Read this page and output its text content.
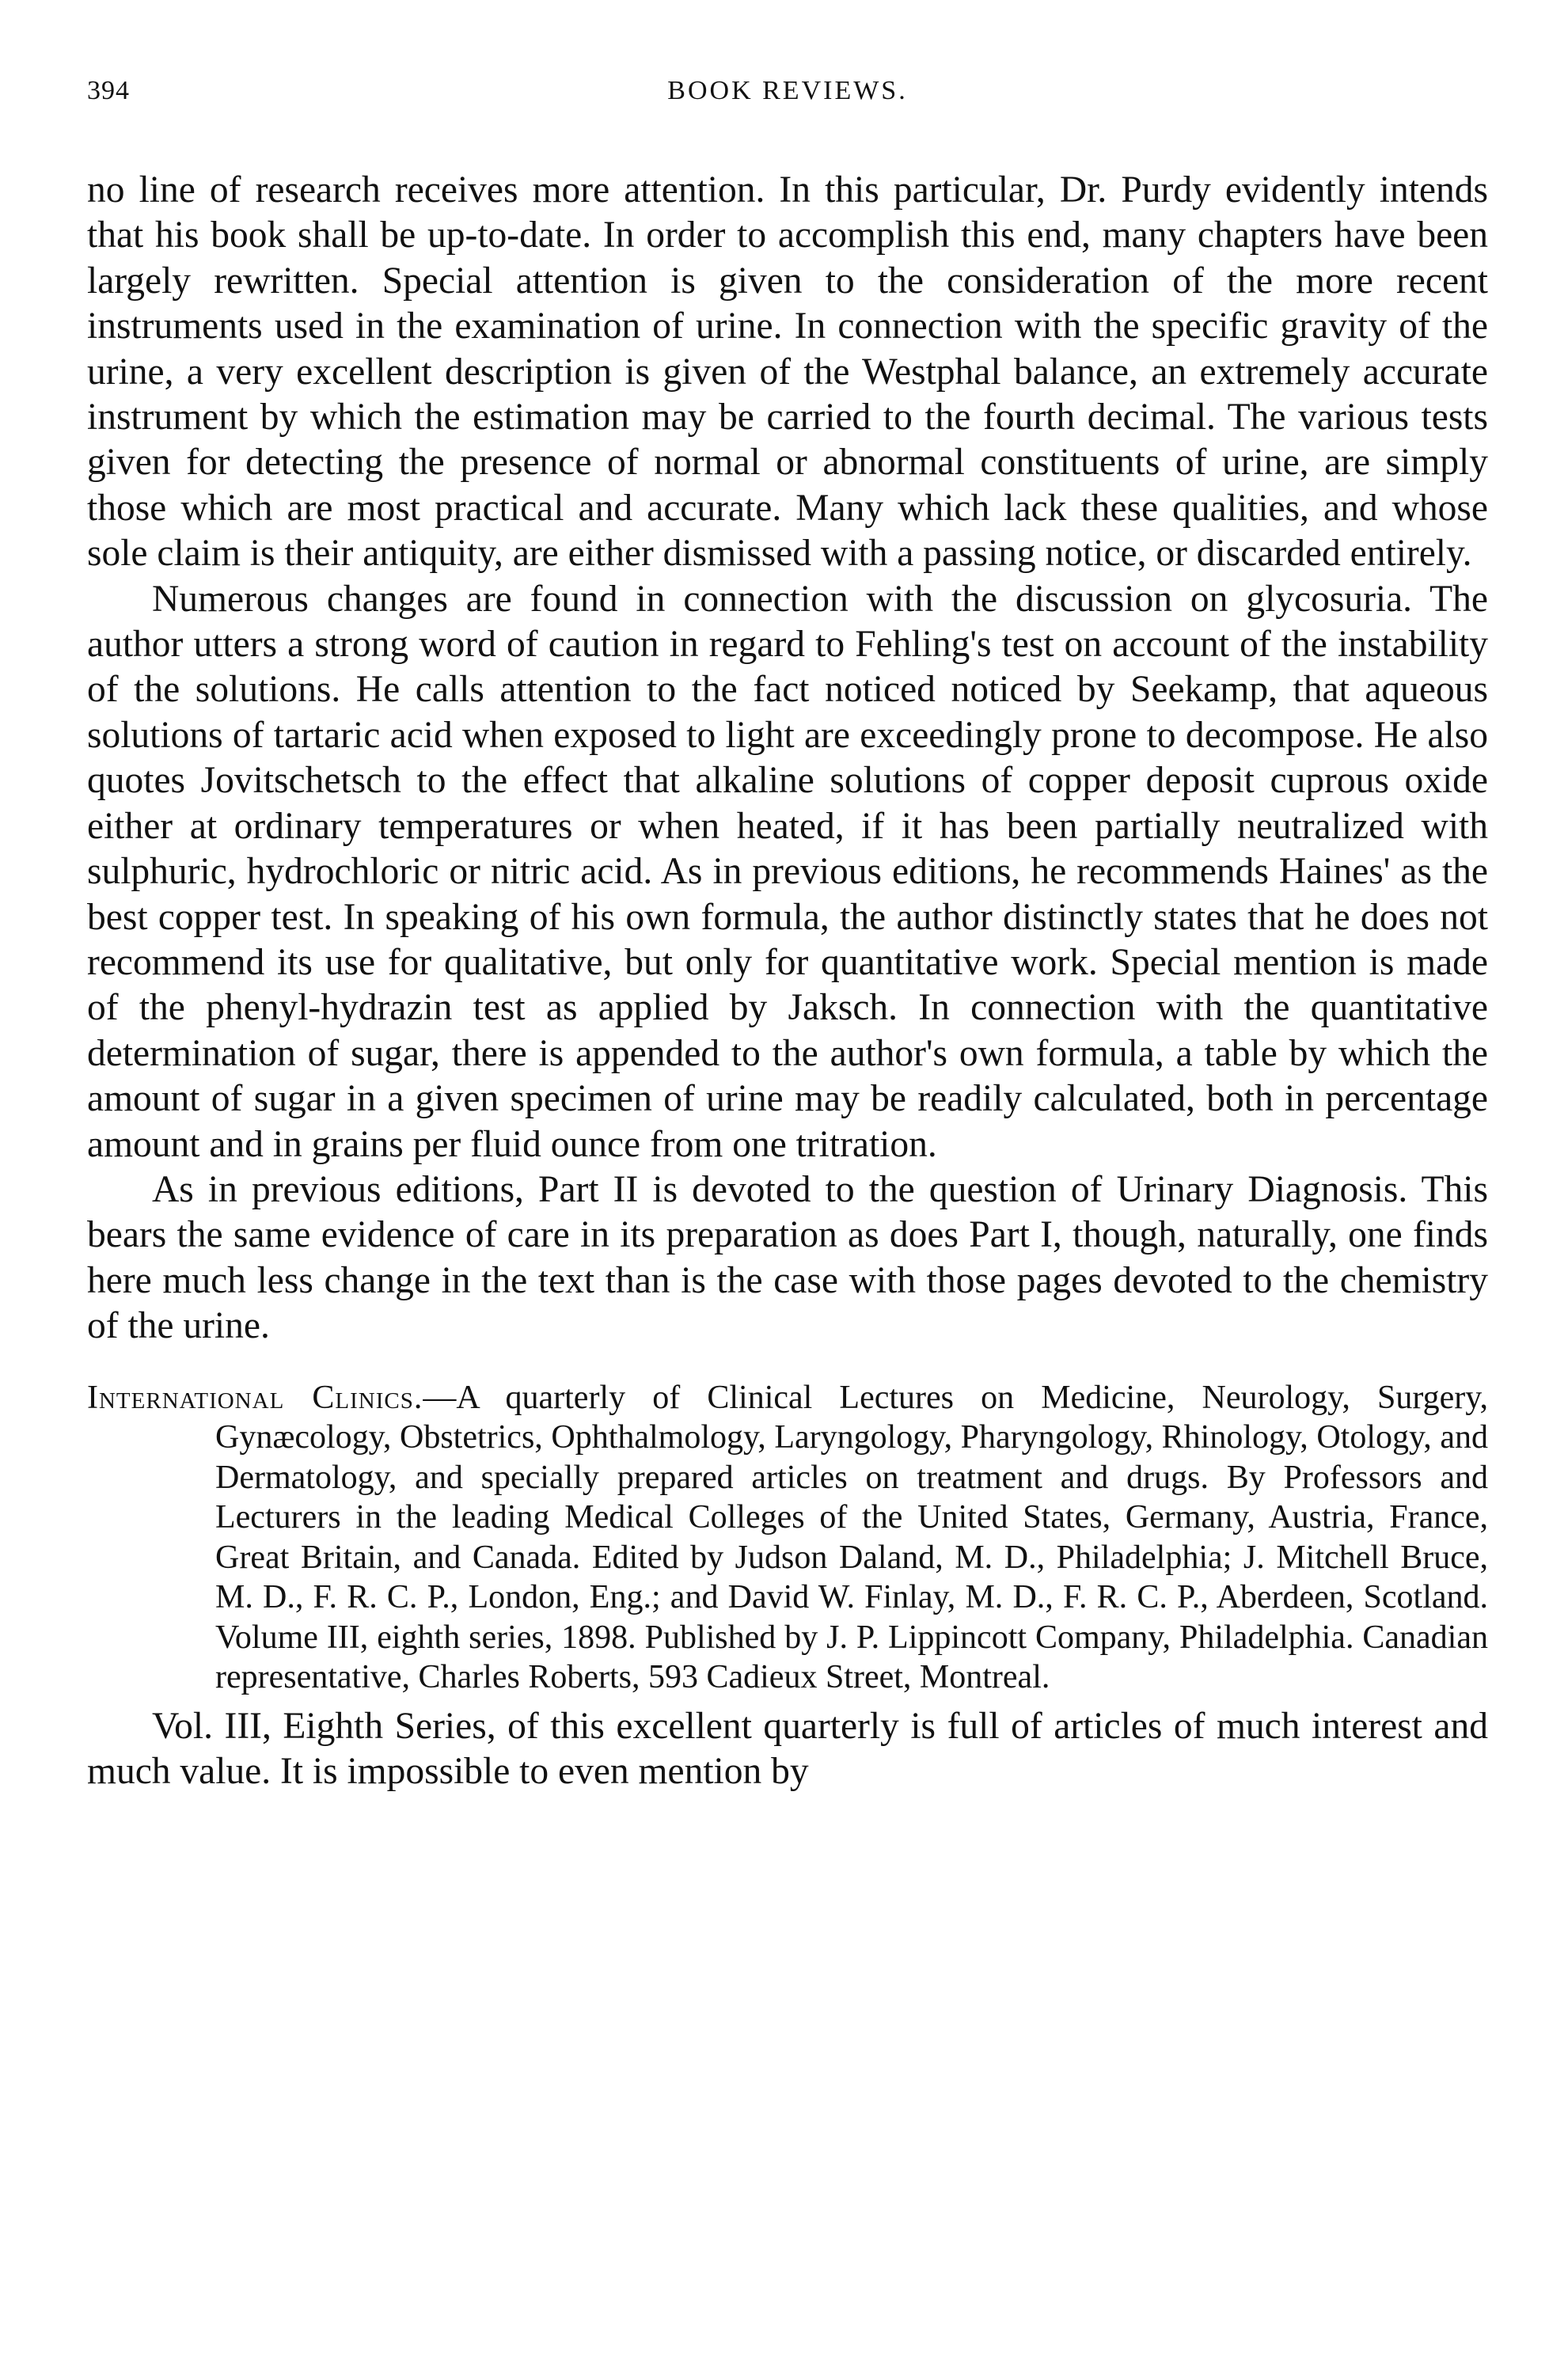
394	BOOK REVIEWS.

no line of research receives more attention. In this particular, Dr. Purdy evidently intends that his book shall be up-to-date. In order to accomplish this end, many chapters have been largely rewritten. Special attention is given to the consideration of the more recent instruments used in the examination of urine. In connection with the specific gravity of the urine, a very excellent description is given of the Westphal balance, an extremely accurate instrument by which the estimation may be carried to the fourth decimal. The various tests given for detecting the presence of normal or abnormal constituents of urine, are simply those which are most practical and accurate. Many which lack these qualities, and whose sole claim is their antiquity, are either dismissed with a passing notice, or discarded entirely.

Numerous changes are found in connection with the discussion on glycosuria. The author utters a strong word of caution in regard to Fehling's test on account of the instability of the solutions. He calls attention to the fact noticed noticed by Seekamp, that aqueous solutions of tartaric acid when exposed to light are exceedingly prone to decompose. He also quotes Jovitschetsch to the effect that alkaline solutions of copper deposit cuprous oxide either at ordinary temperatures or when heated, if it has been partially neutralized with sulphuric, hydrochloric or nitric acid. As in previous editions, he recommends Haines' as the best copper test. In speaking of his own formula, the author distinctly states that he does not recommend its use for qualitative, but only for quantitative work. Special mention is made of the phenyl-hydrazin test as applied by Jaksch. In connection with the quantitative determination of sugar, there is appended to the author's own formula, a table by which the amount of sugar in a given specimen of urine may be readily calculated, both in percentage amount and in grains per fluid ounce from one tritration.

As in previous editions, Part II is devoted to the question of Urinary Diagnosis. This bears the same evidence of care in its preparation as does Part I, though, naturally, one finds here much less change in the text than is the case with those pages devoted to the chemistry of the urine.

International Clinics.—A quarterly of Clinical Lectures on Medicine, Neurology, Surgery, Gynæcology, Obstetrics, Ophthalmology, Laryngology, Pharyngology, Rhinology, Otology, and Dermatology, and specially prepared articles on treatment and drugs. By Professors and Lecturers in the leading Medical Colleges of the United States, Germany, Austria, France, Great Britain, and Canada. Edited by Judson Daland, M. D., Philadelphia; J. Mitchell Bruce, M. D., F. R. C. P., London, Eng.; and David W. Finlay, M. D., F. R. C. P., Aberdeen, Scotland. Volume III, eighth series, 1898. Published by J. P. Lippincott Company, Philadelphia. Canadian representative, Charles Roberts, 593 Cadieux Street, Montreal.

Vol. III, Eighth Series, of this excellent quarterly is full of articles of much interest and much value. It is impossible to even mention by
